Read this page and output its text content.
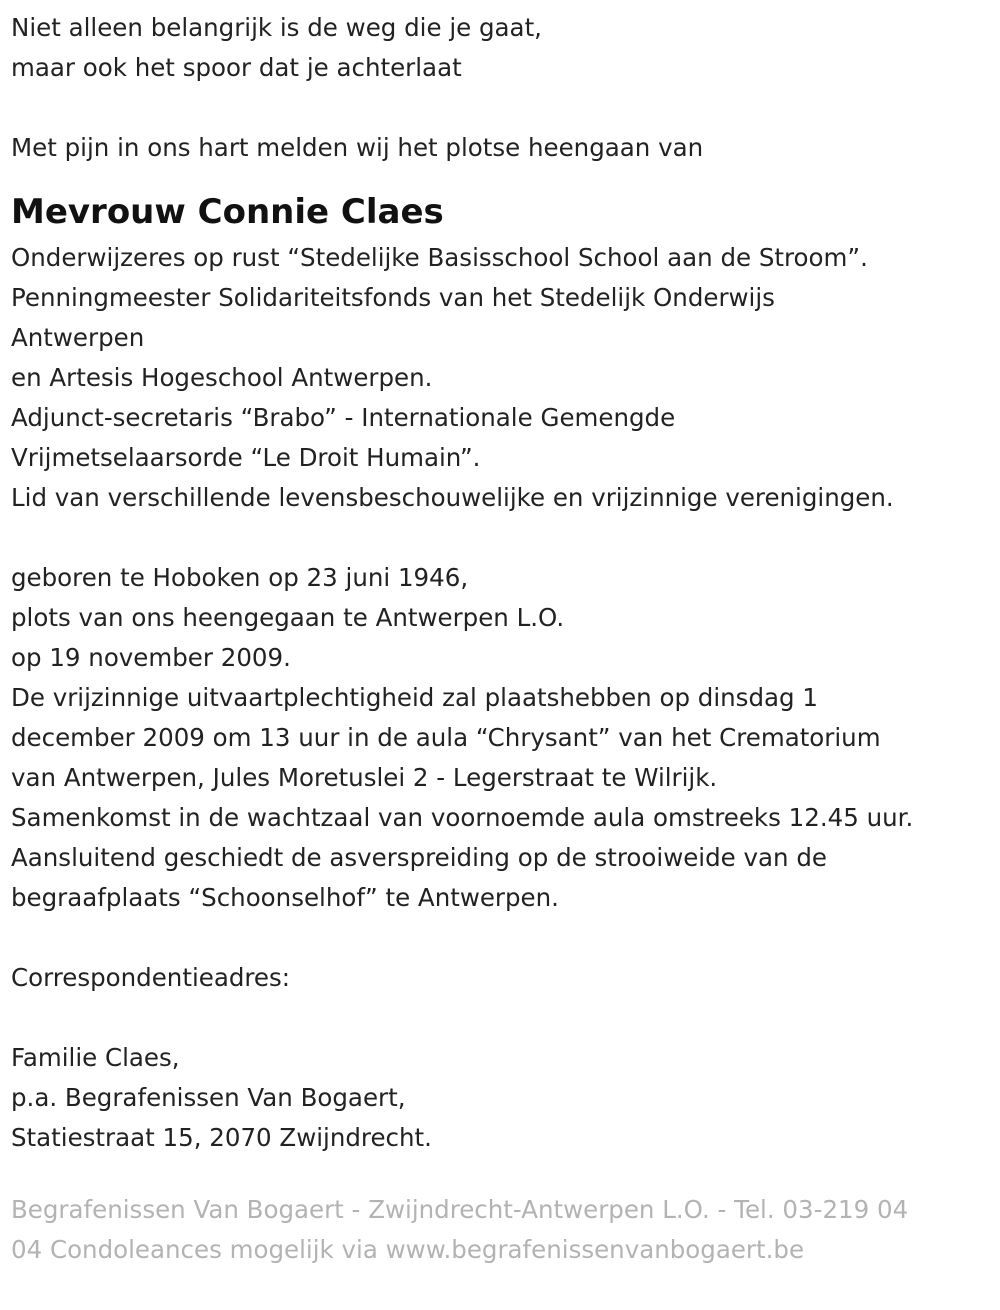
Niet alleen belangrijk is de weg die je gaat,
maar ook het spoor dat je achterlaat
Met pijn in ons hart melden wij het plotse heengaan van
Mevrouw Connie Claes
Onderwijzeres op rust “Stedelijke Basisschool School aan de Stroom”.
Penningmeester Solidariteitsfonds van het Stedelijk Onderwijs
Antwerpen
en Artesis Hogeschool Antwerpen.
Adjunct-secretaris “Brabo” - Internationale Gemengde
Vrijmetselaarsorde “Le Droit Humain”.
Lid van verschillende levensbeschouwelijke en vrijzinnige verenigingen.
geboren te Hoboken op 23 juni 1946,
plots van ons heengegaan te Antwerpen L.O.
op 19 november 2009.
De vrijzinnige uitvaartplechtigheid zal plaatshebben op dinsdag 1
december 2009 om 13 uur in de aula “Chrysant” van het Crematorium
van Antwerpen, Jules Moretuslei 2 - Legerstraat te Wilrijk.
Samenkomst in de wachtzaal van voornoemde aula omstreeks 12.45 uur.
Aansluitend geschiedt de asverspreiding op de strooiweide van de
begraafplaats “Schoonselhof” te Antwerpen.
Correspondentieadres:
Familie Claes,
p.a. Begrafenissen Van Bogaert,
Statiestraat 15, 2070 Zwijndrecht.
Begrafenissen Van Bogaert - Zwijndrecht-Antwerpen L.O. - Tel. 03-219 04
04 Condoleances mogelijk via www.begrafenissenvanbogaert.be
